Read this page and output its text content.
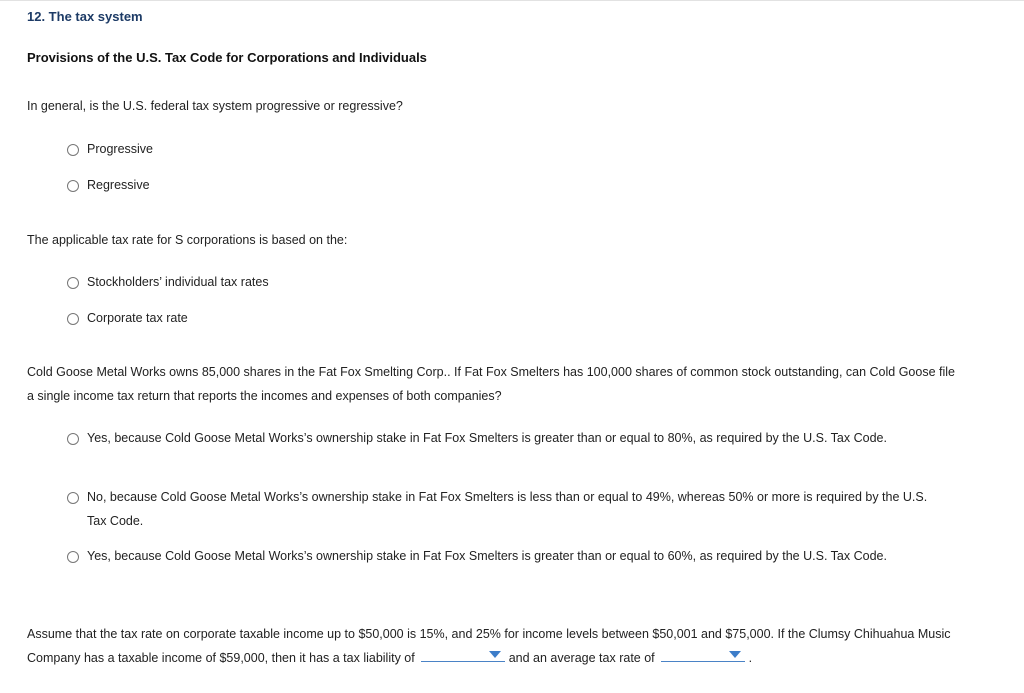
12. The tax system
Provisions of the U.S. Tax Code for Corporations and Individuals
In general, is the U.S. federal tax system progressive or regressive?
Progressive
Regressive
The applicable tax rate for S corporations is based on the:
Stockholders’ individual tax rates
Corporate tax rate
Cold Goose Metal Works owns 85,000 shares in the Fat Fox Smelting Corp.. If Fat Fox Smelters has 100,000 shares of common stock outstanding, can Cold Goose file a single income tax return that reports the incomes and expenses of both companies?
Yes, because Cold Goose Metal Works’s ownership stake in Fat Fox Smelters is greater than or equal to 80%, as required by the U.S. Tax Code.
No, because Cold Goose Metal Works’s ownership stake in Fat Fox Smelters is less than or equal to 49%, whereas 50% or more is required by the U.S. Tax Code.
Yes, because Cold Goose Metal Works’s ownership stake in Fat Fox Smelters is greater than or equal to 60%, as required by the U.S. Tax Code.
Assume that the tax rate on corporate taxable income up to $50,000 is 15%, and 25% for income levels between $50,001 and $75,000. If the Clumsy Chihuahua Music Company has a taxable income of $59,000, then it has a tax liability of	and an average tax rate of	.
